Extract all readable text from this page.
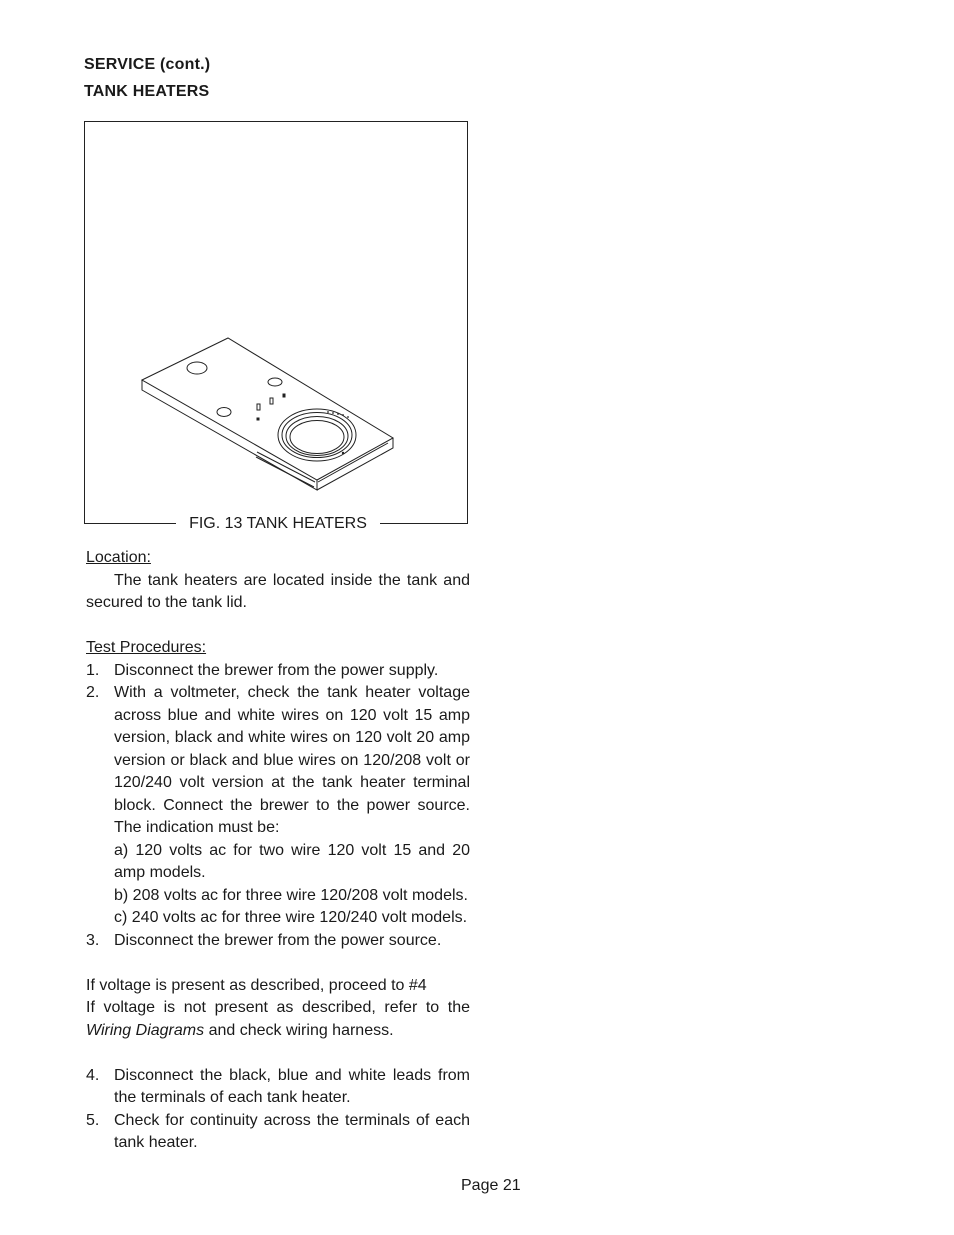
SERVICE (cont.)
TANK HEATERS
FIG. 13 TANK HEATERS
Location:
The tank heaters are located inside the tank and secured to the tank lid.
Test Procedures:
1. Disconnect the brewer from the power supply.
2. With a voltmeter, check the tank heater voltage across blue and white wires on 120 volt 15 amp version, black and white wires on 120 volt 20 amp version or black and blue wires on 120/208 volt or 120/240 volt version at the tank heater terminal block. Connect the brewer to the power source. The indication must be:
a) 120 volts ac for two wire 120 volt 15 and 20 amp models.
b) 208 volts ac for three wire 120/208 volt models.
c) 240 volts ac for three wire 120/240 volt models.
3. Disconnect the brewer from the power source.
If voltage is present as described, proceed to #4
If voltage is not present as described, refer to the Wiring Diagrams and check wiring harness.
4. Disconnect the black, blue and white leads from the terminals of each tank heater.
5. Check for continuity across the terminals of each tank heater.
Page 21
